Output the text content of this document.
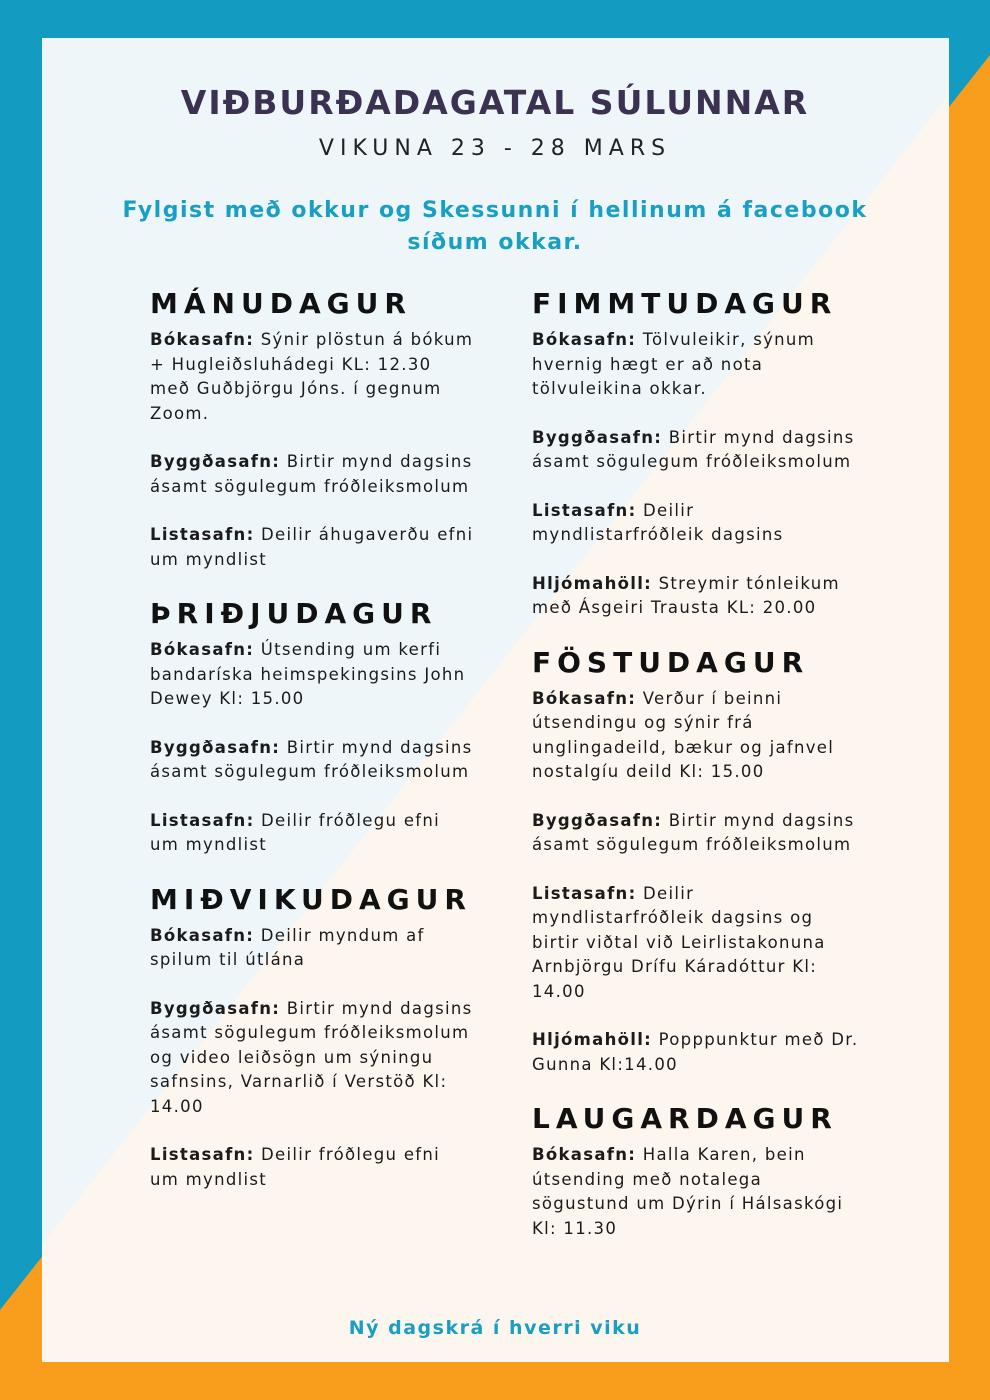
VIÐBURÐADAGATAL SÚLUNNAR

VIKUNA 23 - 28 MARS

Fylgist með okkur og Skessunni í hellinum á facebook síðum okkar.

MÁNUDAGUR

Bókasafn: Sýnir plöstun á bókum + Hugleiðsluhádegi KL: 12.30 með Guðbjörgu Jóns. í gegnum Zoom.

Byggðasafn: Birtir mynd dagsins ásamt sögulegum fróðleiksmolum

Listasafn: Deilir áhugaverðu efni um myndlist

ÞRIÐJUDAGUR

Bókasafn: Útsending um kerfi bandaríska heimspekingsins John Dewey Kl: 15.00

Byggðasafn: Birtir mynd dagsins ásamt sögulegum fróðleiksmolum

Listasafn: Deilir fróðlegu efni um myndlist

MIÐVIKUDAGUR

Bókasafn: Deilir myndum af spilum til útlána

Byggðasafn: Birtir mynd dagsins ásamt sögulegum fróðleiksmolum og video leiðsögn um sýningu safnsins, Varnarlið í Verstöð Kl: 14.00

Listasafn: Deilir fróðlegu efni um myndlist

FIMMTUDAGUR

Bókasafn: Tölvuleikir, sýnum hvernig hægt er að nota tölvuleikina okkar.

Byggðasafn: Birtir mynd dagsins ásamt sögulegum fróðleiksmolum

Listasafn: Deilir myndlistarfróðleik dagsins

Hljómahöll: Streymir tónleikum með Ásgeiri Trausta KL: 20.00

FÖSTUDAGUR

Bókasafn: Verður í beinni útsendingu og sýnir frá unglingadeild, bækur og jafnvel nostalgíu deild Kl: 15.00

Byggðasafn: Birtir mynd dagsins ásamt sögulegum fróðleiksmolum

Listasafn: Deilir myndlistarfróðleik dagsins og birtir viðtal við Leirlistakonuna Arnbjörgu Drífu Káradóttur Kl: 14.00

Hljómahöll: Popppunktur með Dr. Gunna Kl:14.00

LAUGARDAGUR

Bókasafn: Halla Karen, bein útsending með notalega sögustund um Dýrin í Hálsaskógi Kl: 11.30

Ný dagskrá í hverri viku
